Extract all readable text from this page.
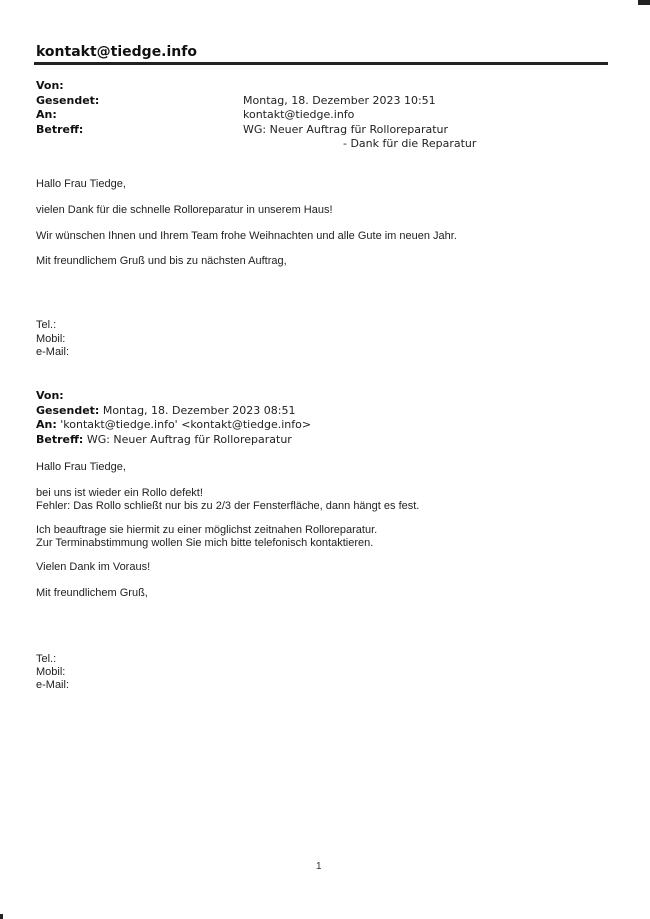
kontakt@tiedge.info
Von:
Gesendet:	Montag, 18. Dezember 2023 10:51
An:	kontakt@tiedge.info
Betreff:	WG: Neuer Auftrag für Rolloreparatur
- Dank für die Reparatur
Hallo Frau Tiedge,
vielen Dank für die schnelle Rolloreparatur in unserem Haus!
Wir wünschen Ihnen und Ihrem Team frohe Weihnachten und alle Gute im neuen Jahr.
Mit freundlichem Gruß und bis zu nächsten Auftrag,
Tel.:
Mobil:
e-Mail:
Von:
Gesendet: Montag, 18. Dezember 2023 08:51
An: 'kontakt@tiedge.info' <kontakt@tiedge.info>
Betreff: WG: Neuer Auftrag für Rolloreparatur
Hallo Frau Tiedge,
bei uns ist wieder ein Rollo defekt!
Fehler: Das Rollo schließt nur bis zu 2/3 der Fensterfläche, dann hängt es fest.
Ich beauftrage sie hiermit zu einer möglichst zeitnahen Rolloreparatur.
Zur Terminabstimmung wollen Sie mich bitte telefonisch kontaktieren.
Vielen Dank im Voraus!
Mit freundlichem Gruß,
Tel.:
Mobil:
e-Mail:
1
